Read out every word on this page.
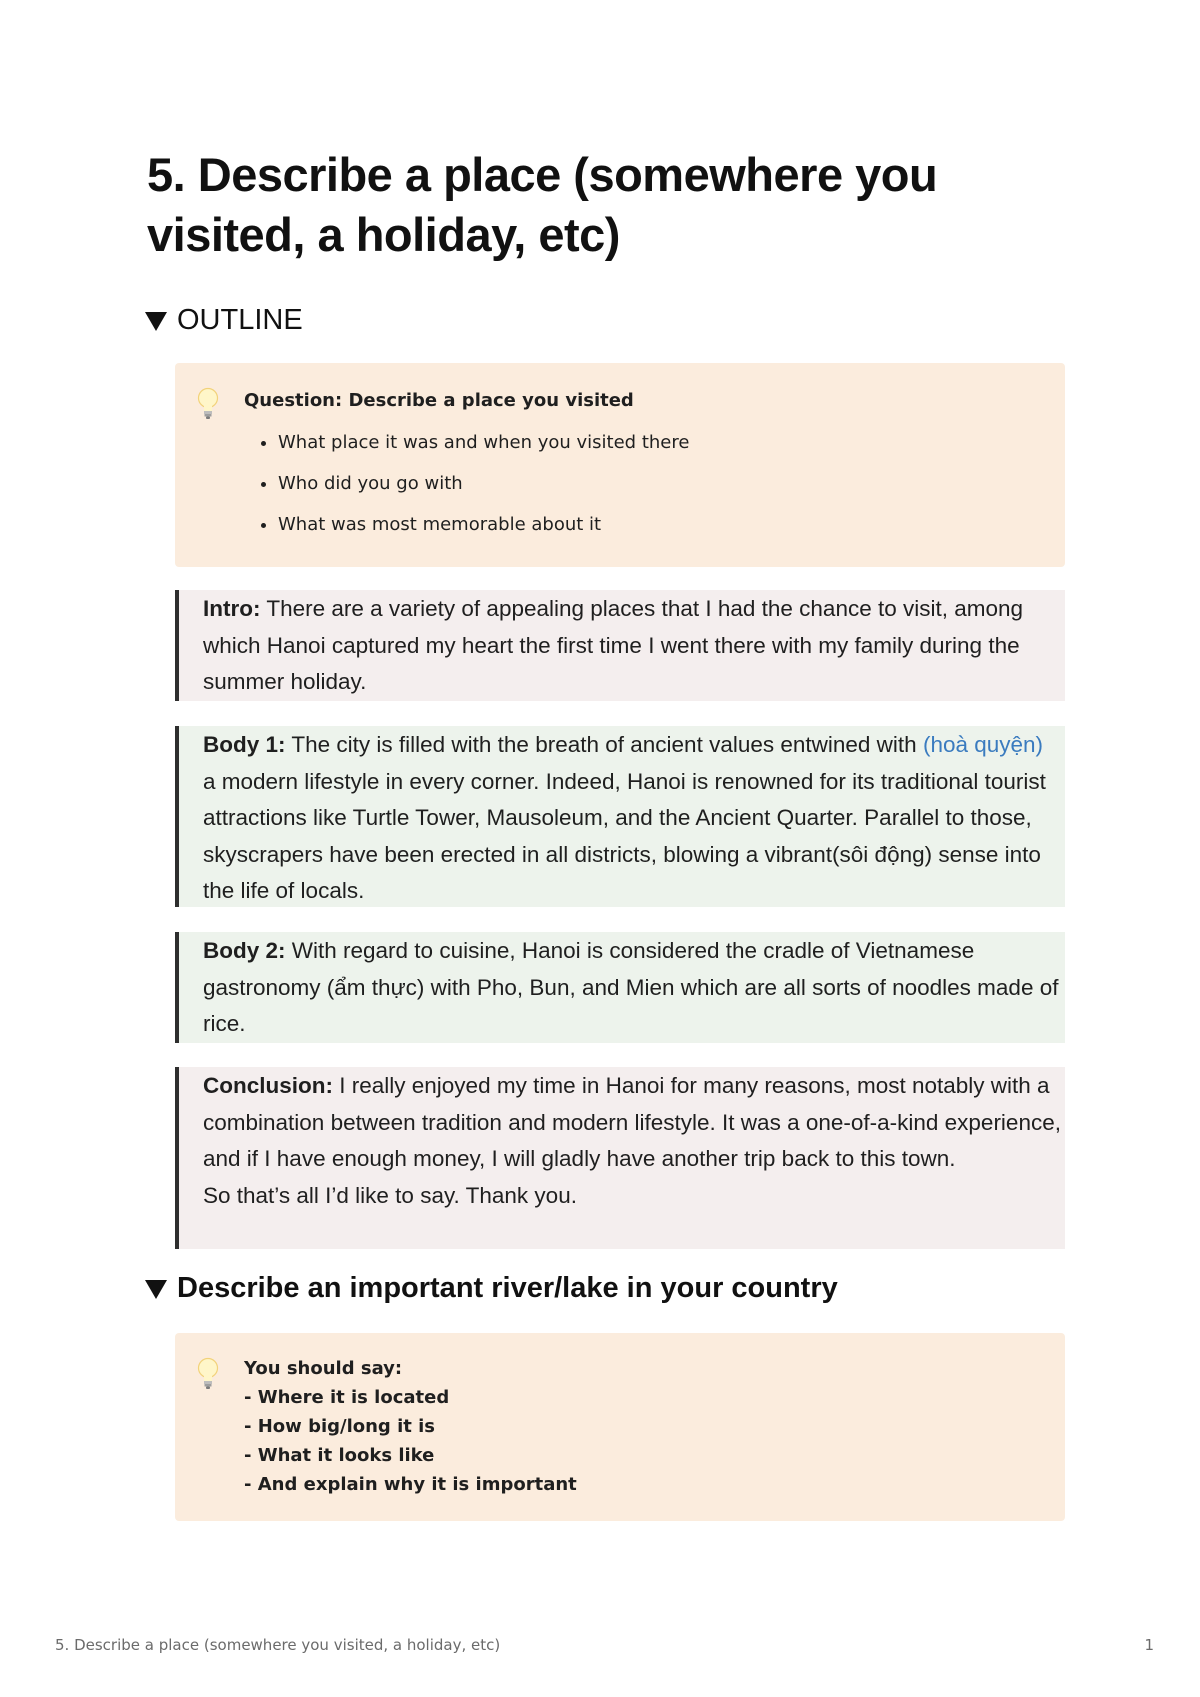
5. Describe a place (somewhere you visited, a holiday, etc)
OUTLINE
Question: Describe a place you visited
• What place it was and when you visited there
• Who did you go with
• What was most memorable about it

Intro: There are a variety of appealing places that I had the chance to visit, among which Hanoi captured my heart the first time I went there with my family during the summer holiday.

Body 1: The city is filled with the breath of ancient values entwined with (hoà quyện) a modern lifestyle in every corner. Indeed, Hanoi is renowned for its traditional tourist attractions like Turtle Tower, Mausoleum, and the Ancient Quarter. Parallel to those, skyscrapers have been erected in all districts, blowing a vibrant(sôi động) sense into the life of locals.

Body 2: With regard to cuisine, Hanoi is considered the cradle of Vietnamese gastronomy (ẩm thực) with Pho, Bun, and Mien which are all sorts of noodles made of rice.

Conclusion: I really enjoyed my time in Hanoi for many reasons, most notably with a combination between tradition and modern lifestyle. It was a one-of-a-kind experience, and if I have enough money, I will gladly have another trip back to this town.

So that’s all I’d like to say. Thank you.

Describe an important river/lake in your country
You should say:
- Where it is located
- How big/long it is
- What it looks like
- And explain why it is important
5. Describe a place (somewhere you visited, a holiday, etc)	1
